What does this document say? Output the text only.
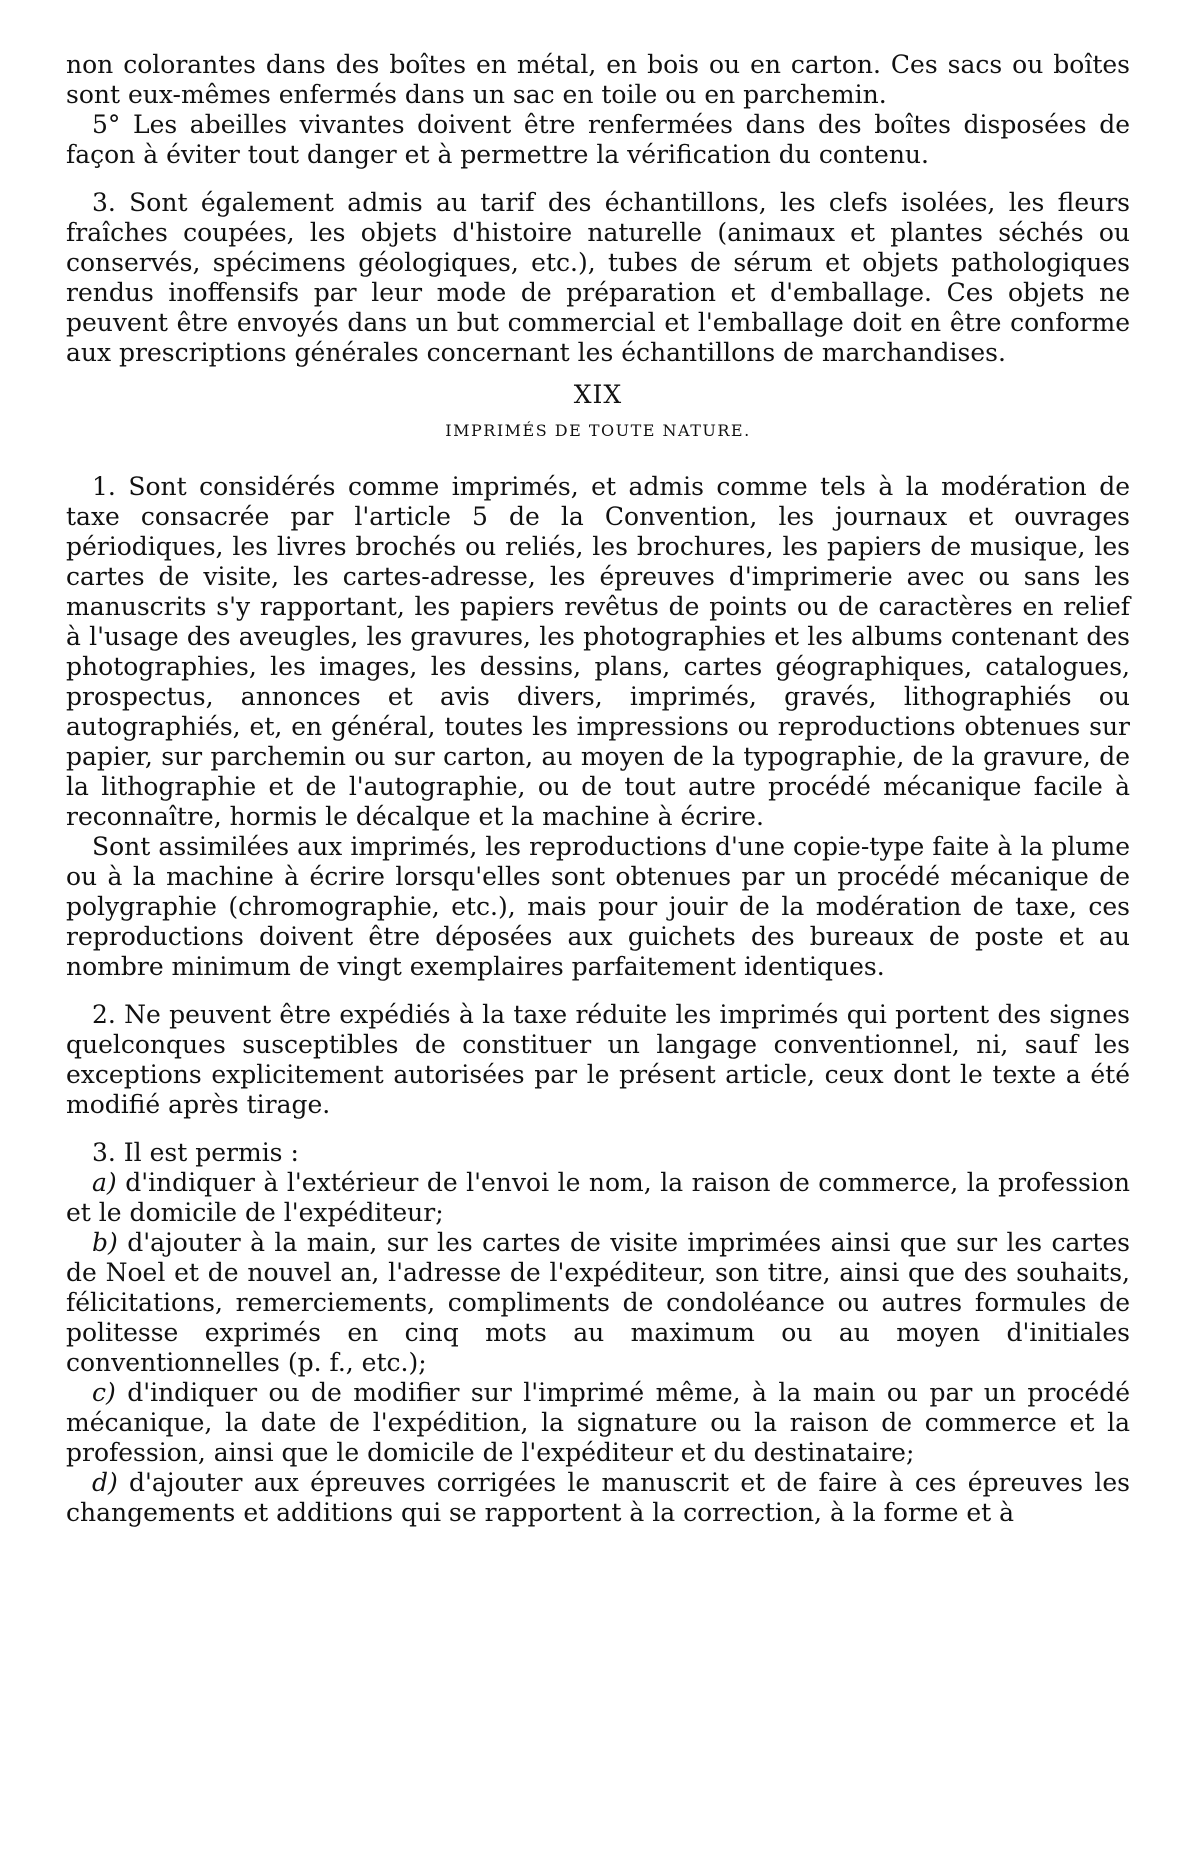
non colorantes dans des boîtes en métal, en bois ou en carton. Ces sacs ou boîtes sont eux-mêmes enfermés dans un sac en toile ou en parchemin.

5° Les abeilles vivantes doivent être renfermées dans des boîtes disposées de façon à éviter tout danger et à permettre la vérification du contenu.

3. Sont également admis au tarif des échantillons, les clefs isolées, les fleurs fraîches coupées, les objets d'histoire naturelle (animaux et plantes séchés ou conservés, spécimens géologiques, etc.), tubes de sérum et objets pathologiques rendus inoffensifs par leur mode de préparation et d'emballage. Ces objets ne peuvent être envoyés dans un but commercial et l'emballage doit en être conforme aux prescriptions générales concernant les échantillons de marchandises.

XIX
IMPRIMÉS DE TOUTE NATURE.

1. Sont considérés comme imprimés, et admis comme tels à la modération de taxe consacrée par l'article 5 de la Convention, les journaux et ouvrages périodiques, les livres brochés ou reliés, les brochures, les papiers de musique, les cartes de visite, les cartes-adresse, les épreuves d'imprimerie avec ou sans les manuscrits s'y rapportant, les papiers revêtus de points ou de caractères en relief à l'usage des aveugles, les gravures, les photographies et les albums contenant des photographies, les images, les dessins, plans, cartes géographiques, catalogues, prospectus, annonces et avis divers, imprimés, gravés, lithographiés ou autographiés, et, en général, toutes les impressions ou reproductions obtenues sur papier, sur parchemin ou sur carton, au moyen de la typographie, de la gravure, de la lithographie et de l'autographie, ou de tout autre procédé mécanique facile à reconnaître, hormis le décalque et la machine à écrire.

Sont assimilées aux imprimés, les reproductions d'une copie-type faite à la plume ou à la machine à écrire lorsqu'elles sont obtenues par un procédé mécanique de polygraphie (chromographie, etc.), mais pour jouir de la modération de taxe, ces reproductions doivent être déposées aux guichets des bureaux de poste et au nombre minimum de vingt exemplaires parfaitement identiques.

2. Ne peuvent être expédiés à la taxe réduite les imprimés qui portent des signes quelconques susceptibles de constituer un langage conventionnel, ni, sauf les exceptions explicitement autorisées par le présent article, ceux dont le texte a été modifié après tirage.

3. Il est permis :

a) d'indiquer à l'extérieur de l'envoi le nom, la raison de commerce, la profession et le domicile de l'expéditeur;

b) d'ajouter à la main, sur les cartes de visite imprimées ainsi que sur les cartes de Noel et de nouvel an, l'adresse de l'expéditeur, son titre, ainsi que des souhaits, félicitations, remerciements, compliments de condoléance ou autres formules de politesse exprimés en cinq mots au maximum ou au moyen d'initiales conventionnelles (p. f., etc.);

c) d'indiquer ou de modifier sur l'imprimé même, à la main ou par un procédé mécanique, la date de l'expédition, la signature ou la raison de commerce et la profession, ainsi que le domicile de l'expéditeur et du destinataire;

d) d'ajouter aux épreuves corrigées le manuscrit et de faire à ces épreuves les changements et additions qui se rapportent à la correction, à la forme et à
